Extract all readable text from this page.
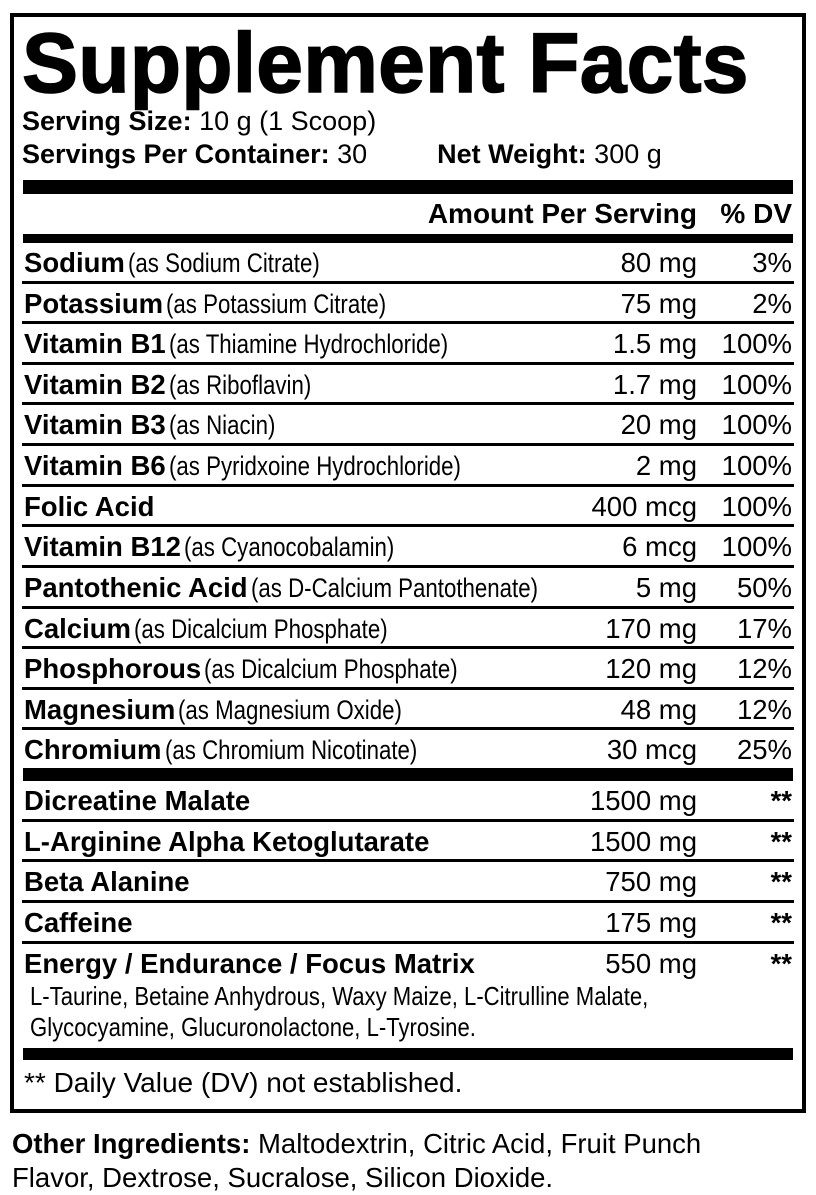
Supplement Facts
Serving Size: 10 g (1 Scoop)
Servings Per Container: 30	Net Weight: 300 g
Amount Per Serving % DV
Sodium (as Sodium Citrate)	80 mg	3%
Potassium (as Potassium Citrate)	75 mg	2%
Vitamin B1 (as Thiamine Hydrochloride)	1.5 mg 100%
Vitamin B2 (as Riboflavin)	1.7 mg 100%
Vitamin B3 (as Niacin)	20 mg 100%
Vitamin B6 (as Pyridxoine Hydrochloride)	2 mg 100%
Folic Acid	400 mcg 100%
Vitamin B12 (as Cyanocobalamin)	6 mcg 100%
Pantothenic Acid (as D-Calcium Pantothenate)	5 mg	50%
Calcium (as Dicalcium Phosphate)	170 mg	17%
Phosphorous (as Dicalcium Phosphate)	120 mg	12%
Magnesium (as Magnesium Oxide)	48 mg	12%
Chromium (as Chromium Nicotinate)	30 mcg	25%
Dicreatine Malate	1500 mg	**
L-Arginine Alpha Ketoglutarate	1500 mg	**
Beta Alanine	750 mg	**
Caffeine	175 mg	**
Energy / Endurance / Focus Matrix	550 mg	**
L-Taurine, Betaine Anhydrous, Waxy Maize, L-Citrulline Malate, Glycocyamine, Glucuronolactone, L-Tyrosine.
** Daily Value (DV) not established.
Other Ingredients: Maltodextrin, Citric Acid, Fruit Punch Flavor, Dextrose, Sucralose, Silicon Dioxide.
